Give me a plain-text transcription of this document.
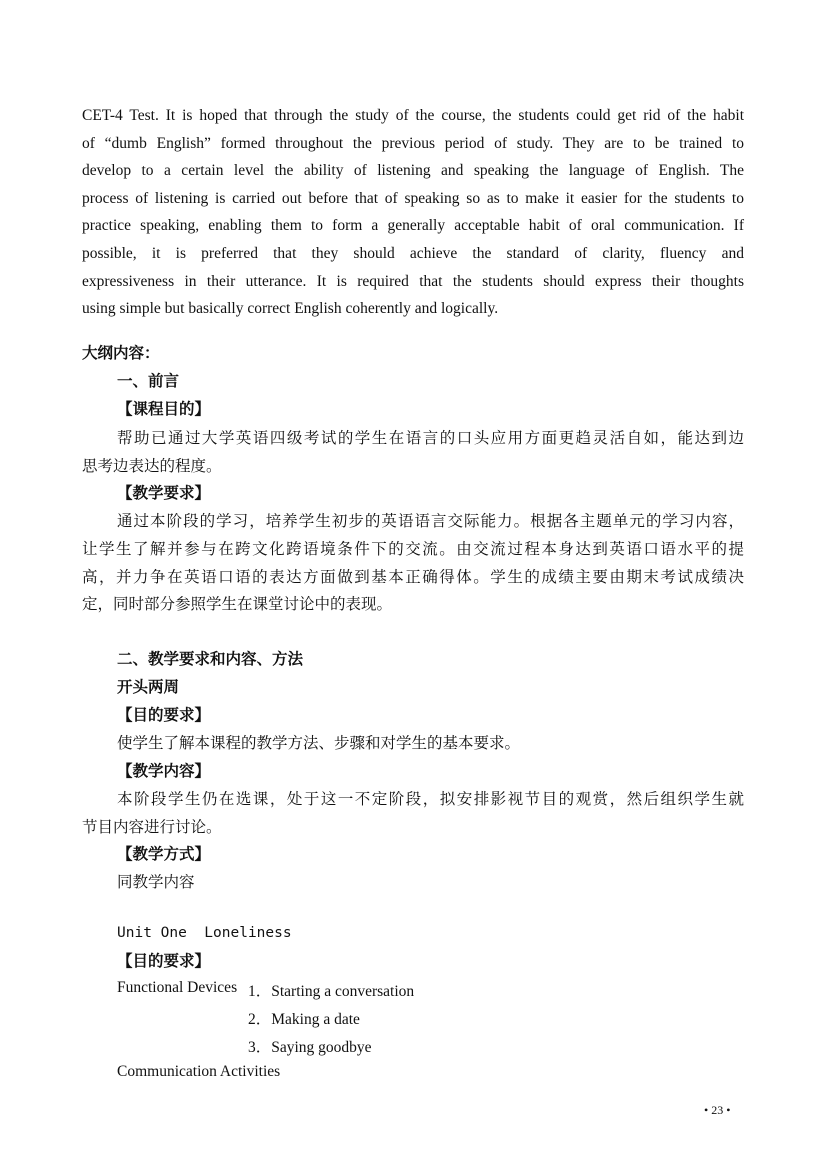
CET-4 Test. It is hoped that through the study of the course, the students could get rid of the habit
of “dumb English” formed throughout the previous period of study. They are to be trained to
develop to a certain level the ability of listening and speaking the language of English. The
process of listening is carried out before that of speaking so as to make it easier for the students to
practice speaking, enabling them to form a generally acceptable habit of oral communication. If
possible, it is preferred that they should achieve the standard of clarity, fluency and
expressiveness in their utterance. It is required that the students should express their thoughts
using simple but basically correct English coherently and logically.
大纲内容：
一、前言
【课程目的】
帮助已通过大学英语四级考试的学生在语言的口头应用方面更趋灵活自如，能达到边
思考边表达的程度。
【教学要求】
通过本阶段的学习，培养学生初步的英语语言交际能力。根据各主题单元的学习内容，
让学生了解并参与在跨文化跨语境条件下的交流。由交流过程本身达到英语口语水平的提
高，并力争在英语口语的表达方面做到基本正确得体。学生的成绩主要由期末考试成绩决
定，同时部分参照学生在课堂讨论中的表现。
二、教学要求和内容、方法
开头两周
【目的要求】
使学生了解本课程的教学方法、步骤和对学生的基本要求。
【教学内容】
本阶段学生仍在选课，处于这一不定阶段，拟安排影视节目的观赏，然后组织学生就
节目内容进行讨论。
【教学方式】
同教学内容
Unit One  Loneliness
【目的要求】
Functional Devices 1．Starting a conversation
2．Making a date
3．Saying goodbye
Communication Activities
• 23 •
